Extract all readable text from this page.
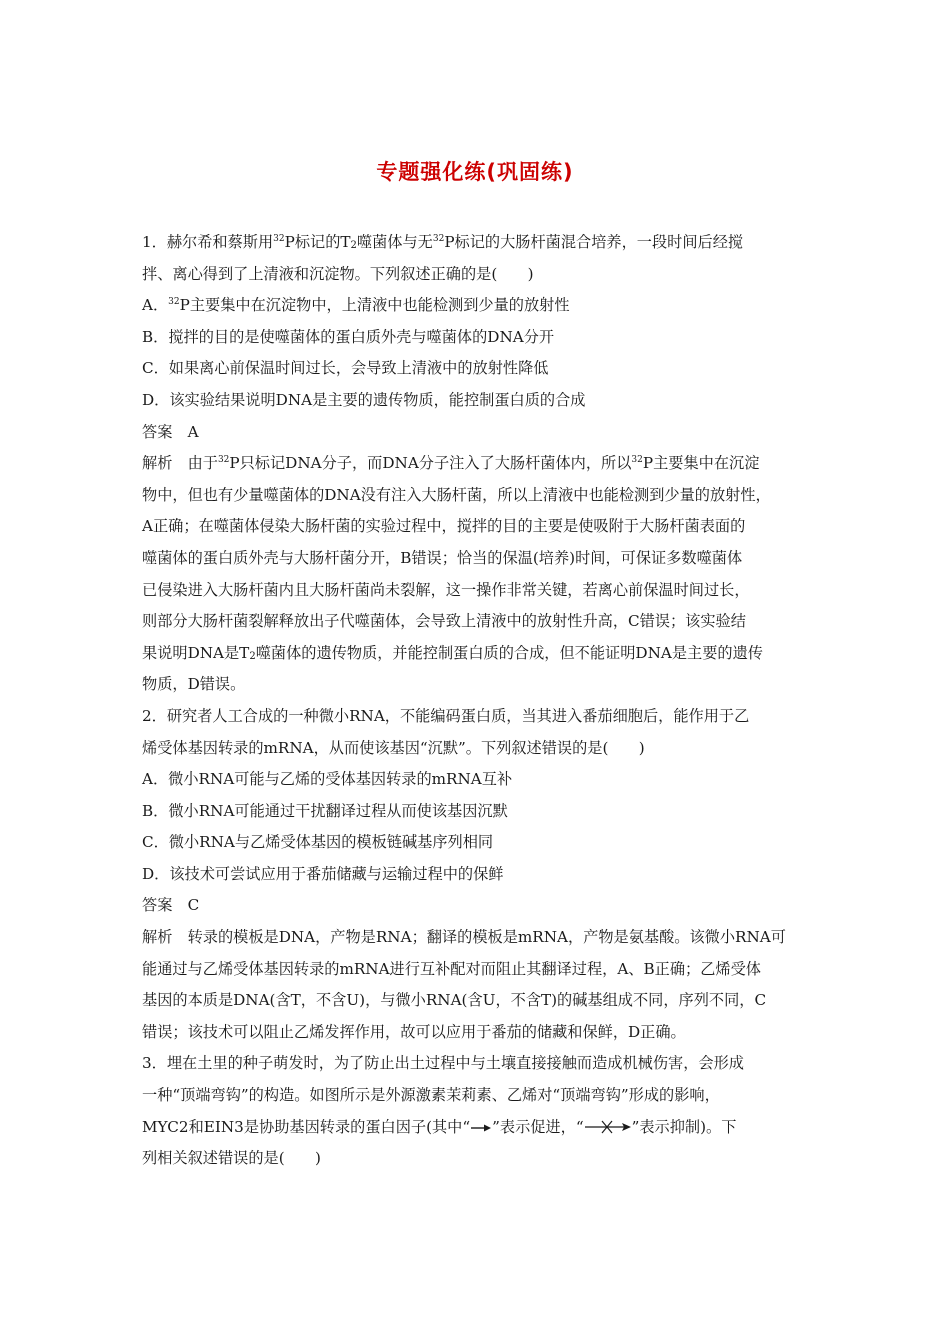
专题强化练(巩固练)
1．赫尔希和蔡斯用$^{32}$P标记的$T_2$噬菌体与无$^{32}$P标记的大肠杆菌混合培养，一段时间后经搅
拌、离心得到了上清液和沉淀物。下列叙述正确的是(　　)
A．$^{32}$P主要集中在沉淀物中，上清液中也能检测到少量的放射性
B．搅拌的目的是使噬菌体的蛋白质外壳与噬菌体的DNA分开
C．如果离心前保温时间过长，会导致上清液中的放射性降低
D．该实验结果说明DNA是主要的遗传物质，能控制蛋白质的合成
答案　A
解析　由于$^{32}$P只标记DNA分子，而DNA分子注入了大肠杆菌体内，所以$^{32}$P主要集中在沉淀
物中，但也有少量噬菌体的DNA没有注入大肠杆菌，所以上清液中也能检测到少量的放射性，
A正确；在噬菌体侵染大肠杆菌的实验过程中，搅拌的目的主要是使吸附于大肠杆菌表面的
噬菌体的蛋白质外壳与大肠杆菌分开，B错误；恰当的保温(培养)时间，可保证多数噬菌体
已侵染进入大肠杆菌内且大肠杆菌尚未裂解，这一操作非常关键，若离心前保温时间过长，
则部分大肠杆菌裂解释放出子代噬菌体，会导致上清液中的放射性升高，C错误；该实验结
果说明DNA是$T_2$噬菌体的遗传物质，并能控制蛋白质的合成，但不能证明DNA是主要的遗传
物质，D错误。
2．研究者人工合成的一种微小RNA，不能编码蛋白质，当其进入番茄细胞后，能作用于乙
烯受体基因转录的mRNA，从而使该基因“沉默”。下列叙述错误的是(　　)
A．微小RNA可能与乙烯的受体基因转录的mRNA互补
B．微小RNA可能通过干扰翻译过程从而使该基因沉默
C．微小RNA与乙烯受体基因的模板链碱基序列相同
D．该技术可尝试应用于番茄储藏与运输过程中的保鲜
答案　C
解析　转录的模板是DNA，产物是RNA；翻译的模板是mRNA，产物是氨基酸。该微小RNA可
能通过与乙烯受体基因转录的mRNA进行互补配对而阻止其翻译过程，A、B正确；乙烯受体
基因的本质是DNA(含T，不含U)，与微小RNA(含U，不含T)的碱基组成不同，序列不同，C
错误；该技术可以阻止乙烯发挥作用，故可以应用于番茄的储藏和保鲜，D正确。
3．埋在土里的种子萌发时，为了防止出土过程中与土壤直接接触而造成机械伤害，会形成
一种“顶端弯钩”的构造。如图所示是外源激素茉莉素、乙烯对“顶端弯钩”形成的影响，
MYC2和EIN3是协助基因转录的蛋白因子(其中“ ”表示促进，“	”表示抑制)。下
列相关叙述错误的是(　　)
